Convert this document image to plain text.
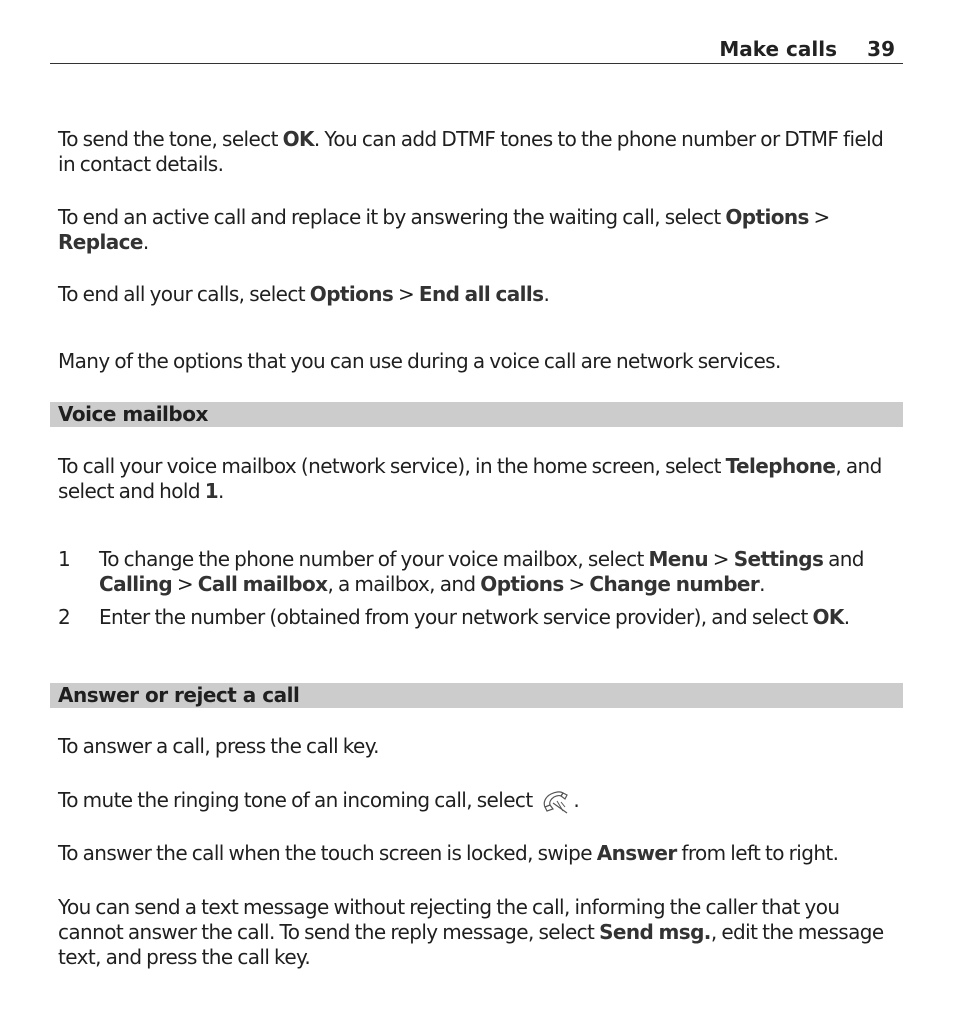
Make calls 39

To send the tone, select OK. You can add DTMF tones to the phone number or DTMF field in contact details.

To end an active call and replace it by answering the waiting call, select Options > Replace.

To end all your calls, select Options > End all calls.

Many of the options that you can use during a voice call are network services.

Voice mailbox

To call your voice mailbox (network service), in the home screen, select Telephone, and select and hold 1.

1 To change the phone number of your voice mailbox, select Menu > Settings and Calling > Call mailbox, a mailbox, and Options > Change number.
2 Enter the number (obtained from your network service provider), and select OK.
Answer or reject a call

To answer a call, press the call key.

To mute the ringing tone of an incoming call, select .

To answer the call when the touch screen is locked, swipe Answer from left to right.

You can send a text message without rejecting the call, informing the caller that you cannot answer the call. To send the reply message, select Send msg., edit the message text, and press the call key.
